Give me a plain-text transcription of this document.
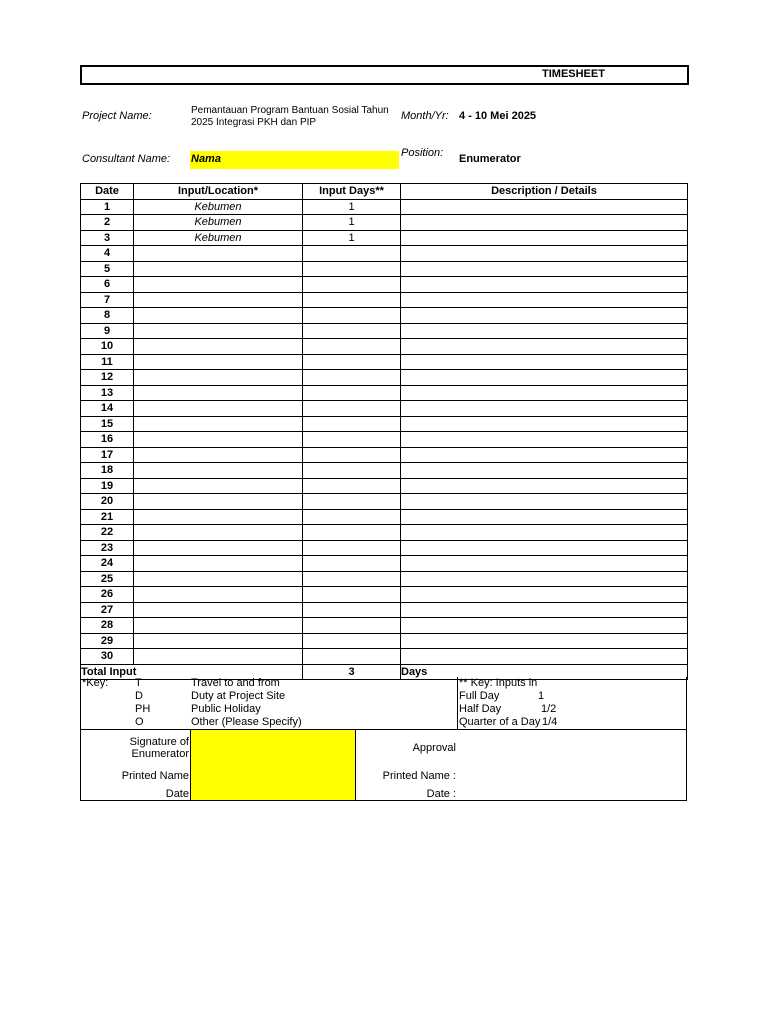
TIMESHEET
Project Name:	Pemantauan Program Bantuan Sosial Tahun 2025 Integrasi PKH dan PIP
Month/Yr: 4 - 10 Mei 2025
Consultant Name: Nama	Position: Enumerator
Date	Input/Location*	Input Days**	Description / Details
1	Kebumen	1	
2	Kebumen	1	
3	Kebumen	1	
4			
5			
6			
7			
8			
9			
10			
11			
12			
13			
14			
15			
16			
17			
18			
19			
20			
21			
22			
23			
24			
25			
26			
27			
28			
29			
30			
Total Input		3	Days
*Key: T	Travel to and from
D	Duty at Project Site
PH	Public Holiday
O	Other (Please Specify)
** Key: Inputs in
Full Day	1
Half Day	1/2
Quarter of a Day 1/4
Signature of
Enumerator
Printed Name
Date
Approval
Printed Name :
Date :
